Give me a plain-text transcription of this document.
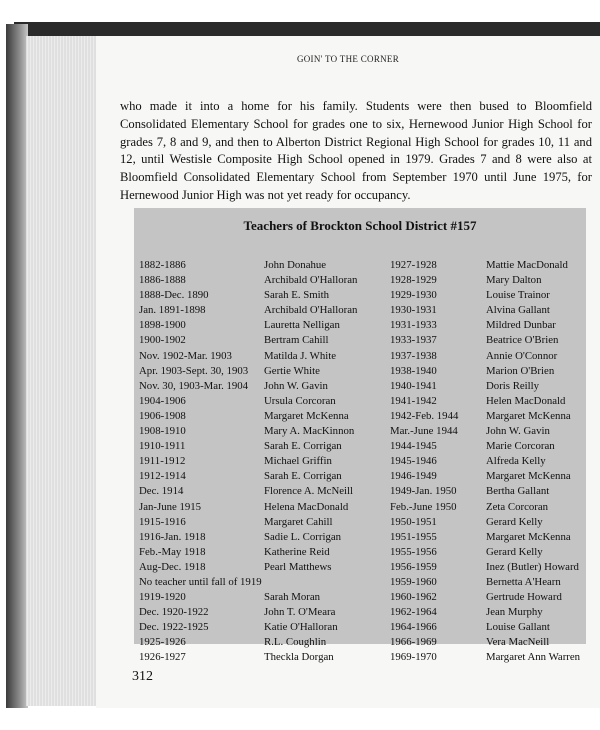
GOIN' TO THE CORNER

who made it into a home for his family. Students were then bused to Bloomfield Consolidated Elementary School for grades one to six, Hernewood Junior High School for grades 7, 8 and 9, and then to Alberton District Regional High School for grades 10, 11 and 12, until Westisle Composite High School opened in 1979. Grades 7 and 8 were also at Bloomfield Consolidated Elementary School from September 1970 until June 1975, for Hernewood Junior High was not yet ready for occupancy.

Teachers of Brockton School District #157
1882-1886
1886-1888
1888-Dec. 1890
Jan. 1891-1898
1898-1900
1900-1902
Nov. 1902-Mar. 1903
Apr. 1903-Sept. 30, 1903
Nov. 30, 1903-Mar. 1904
1904-1906
1906-1908
1908-1910
1910-1911
1911-1912
1912-1914
Dec. 1914
Jan-June 1915
1915-1916
1916-Jan. 1918
Feb.-May 1918
Aug-Dec. 1918
No teacher until fall of 1919
1919-1920
Dec. 1920-1922
Dec. 1922-1925
1925-1926
1926-1927
John Donahue
Archibald O'Halloran
Sarah E. Smith
Archibald O'Halloran
Lauretta Nelligan
Bertram Cahill
Matilda J. White
Gertie White
John W. Gavin
Ursula Corcoran
Margaret McKenna
Mary A. MacKinnon
Sarah E. Corrigan
Michael Griffin
Sarah E. Corrigan
Florence A. McNeill
Helena MacDonald
Margaret Cahill
Sadie L. Corrigan
Katherine Reid
Pearl Matthews

Sarah Moran
John T. O'Meara
Katie O'Halloran
R.L. Coughlin
Theckla Dorgan
1927-1928
1928-1929
1929-1930
1930-1931
1931-1933
1933-1937
1937-1938
1938-1940
1940-1941
1941-1942
1942-Feb. 1944
Mar.-June 1944
1944-1945
1945-1946
1946-1949
1949-Jan. 1950
Feb.-June 1950
1950-1951
1951-1955
1955-1956
1956-1959
1959-1960
1960-1962
1962-1964
1964-1966
1966-1969
1969-1970
Mattie MacDonald
Mary Dalton
Louise Trainor
Alvina Gallant
Mildred Dunbar
Beatrice O'Brien
Annie O'Connor
Marion O'Brien
Doris Reilly
Helen MacDonald
Margaret McKenna
John W. Gavin
Marie Corcoran
Alfreda Kelly
Margaret McKenna
Bertha Gallant
Zeta Corcoran
Gerard Kelly
Margaret McKenna
Gerard Kelly
Inez (Butler) Howard
Bernetta A'Hearn
Gertrude Howard
Jean Murphy
Louise Gallant
Vera MacNeill
Margaret Ann Warren
312
